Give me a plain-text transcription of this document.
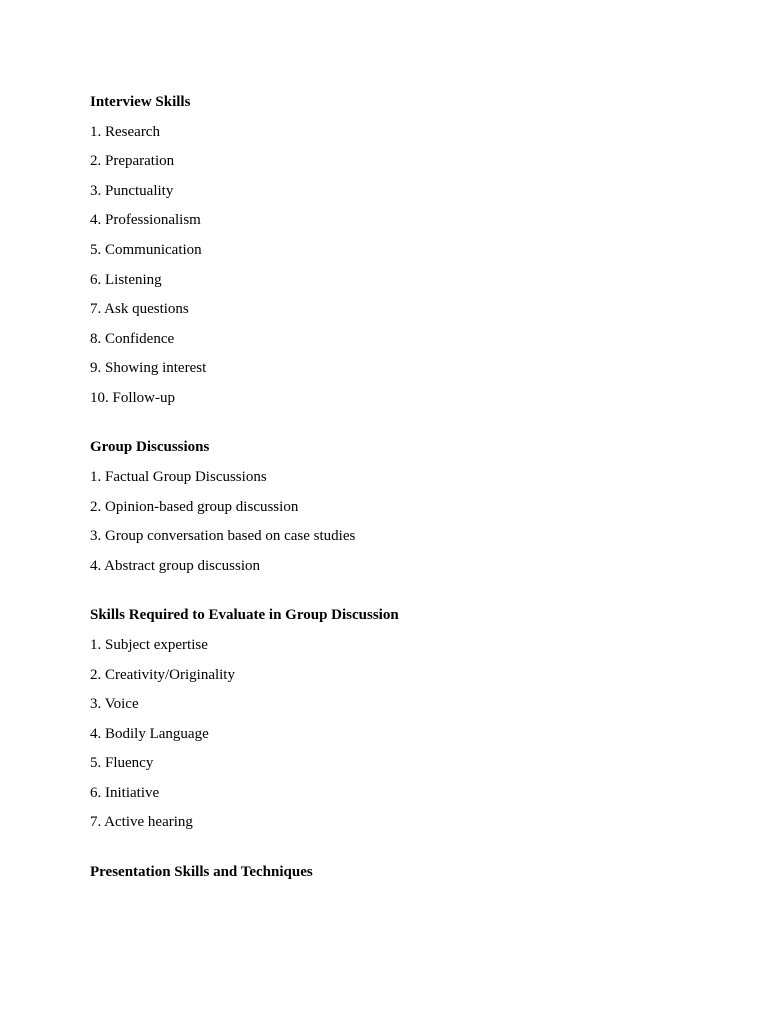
Interview Skills
1. Research
2. Preparation
3. Punctuality
4. Professionalism
5. Communication
6. Listening
7. Ask questions
8. Confidence
9. Showing interest
10. Follow-up
Group Discussions
1. Factual Group Discussions
2. Opinion-based group discussion
3. Group conversation based on case studies
4. Abstract group discussion
Skills Required to Evaluate in Group Discussion
1. Subject expertise
2. Creativity/Originality
3. Voice
4. Bodily Language
5. Fluency
6. Initiative
7. Active hearing
Presentation Skills and Techniques
